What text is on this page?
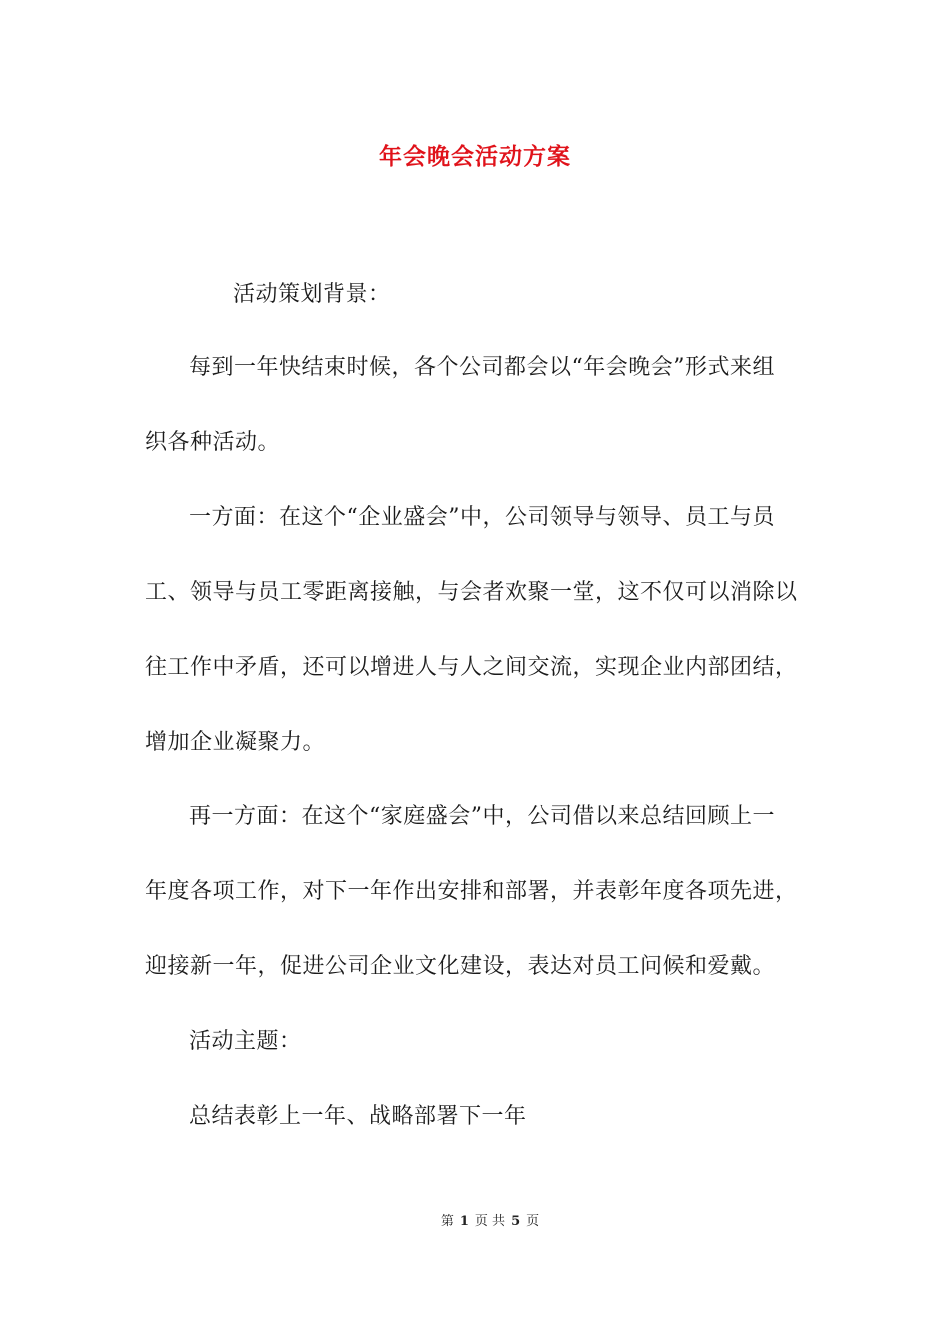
年会晚会活动方案
活动策划背景：
每到一年快结束时候，各个公司都会以“年会晚会”形式来组
织各种活动。
一方面：在这个“企业盛会”中，公司领导与领导、员工与员
工、领导与员工零距离接触，与会者欢聚一堂，这不仅可以消除以
往工作中矛盾，还可以增进人与人之间交流，实现企业内部团结，
增加企业凝聚力。
再一方面：在这个“家庭盛会”中，公司借以来总结回顾上一
年度各项工作，对下一年作出安排和部署，并表彰年度各项先进，
迎接新一年，促进公司企业文化建设，表达对员工问候和爱戴。
活动主题：
总结表彰上一年、战略部署下一年
第 1 页 共 5 页
